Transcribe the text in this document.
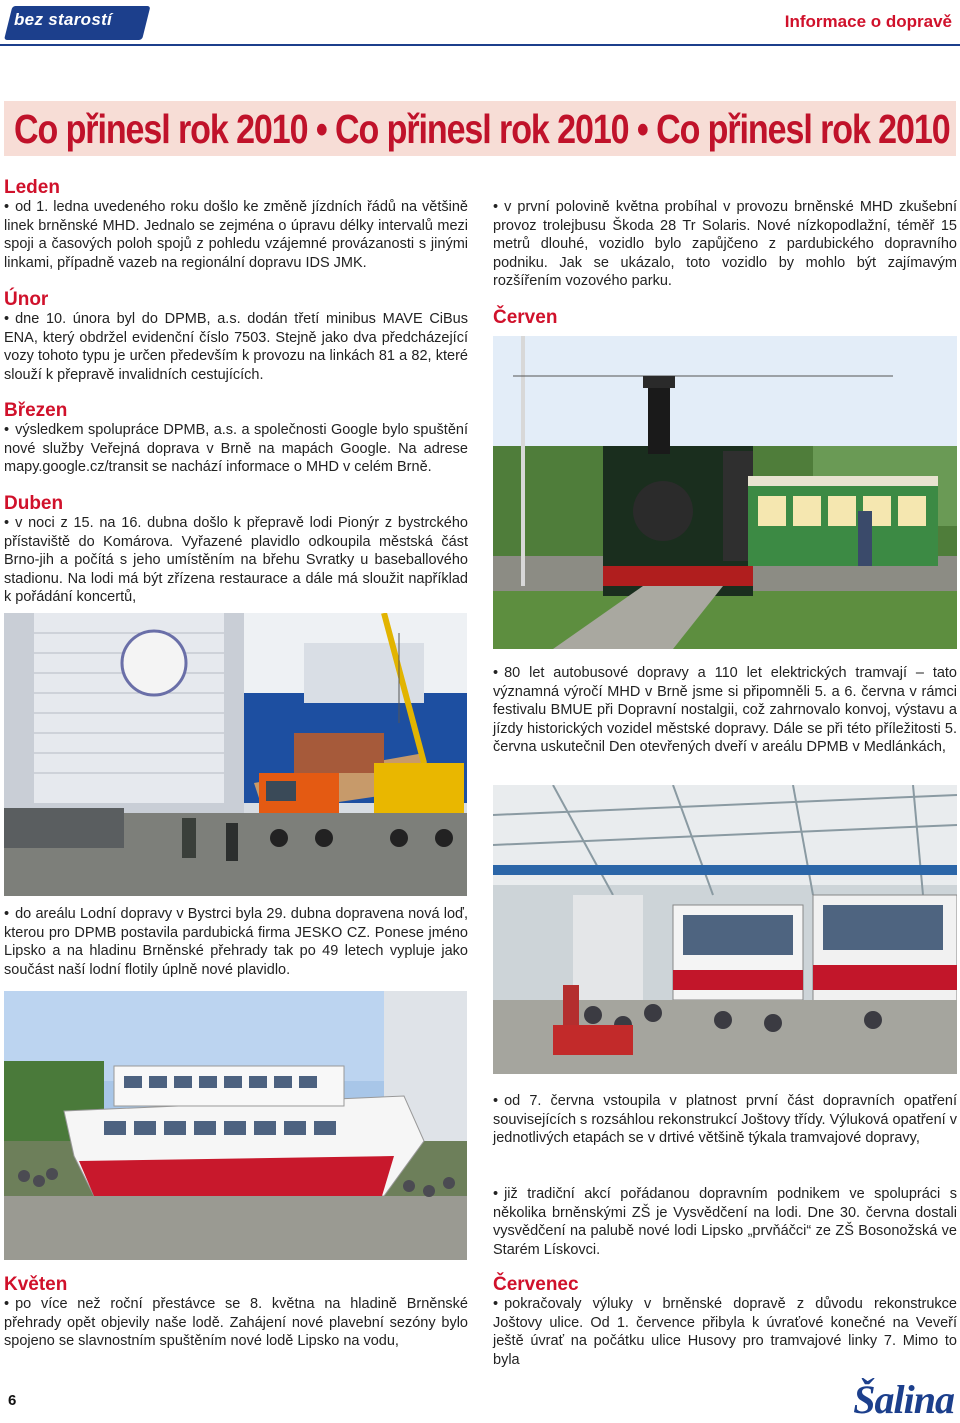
bez starostí	Informace o dopravě
Co přinesl rok 2010 • Co přinesl rok 2010 • Co přinesl rok 2010
Leden
• od 1. ledna uvedeného roku došlo ke změně jízdních řádů na většině linek brněnské MHD. Jednalo se zejména o úpravu délky intervalů mezi spoji a časových poloh spojů z pohledu vzájemné provázanosti s jinými linkami, případně vazeb na regionální dopravu IDS JMK.
Únor
• dne 10. února byl do DPMB, a.s. dodán třetí minibus MAVE CiBus ENA, který obdržel evidenční číslo 7503. Stejně jako dva předcházející vozy tohoto typu je určen především k provozu na linkách 81 a 82, které slouží k přepravě invalidních cestujících.
Březen
• výsledkem spolupráce DPMB, a.s. a společnosti Google bylo spuštění nové služby Veřejná doprava v Brně na mapách Google. Na adrese mapy.google.cz/transit se nachází informace o MHD v celém Brně.
Duben
• v noci z 15. na 16. dubna došlo k přepravě lodi Pionýr z bystrckého přístaviště do Komárova. Vyřazené plavidlo odkoupila městská část Brno-jih a počítá s jeho umístěním na břehu Svratky u baseballového stadionu. Na lodi má být zřízena restaurace a dále má sloužit například k pořádání koncertů,
• do areálu Lodní dopravy v Bystrci byla 29. dubna dopravena nová loď, kterou pro DPMB postavila pardubická firma JESKO CZ. Ponese jméno Lipsko a na hladinu Brněnské přehrady tak po 49 letech vypluje jako součást naší lodní flotily úplně nové plavidlo.
Květen
• po více než roční přestávce se 8. května na hladině Brněnské přehrady opět objevily naše lodě. Zahájení nové plavební sezóny bylo spojeno se slavnostním spuštěním nové lodě Lipsko na vodu,
• v první polovině května probíhal v provozu brněnské MHD zkušební provoz trolejbusu Škoda 28 Tr Solaris. Nové nízkopodlažní, téměř 15 metrů dlouhé, vozidlo bylo zapůjčeno z pardubického dopravního podniku. Jak se ukázalo, toto vozidlo by mohlo být zajímavým rozšířením vozového parku.
Červen
• 80 let autobusové dopravy a 110 let elektrických tramvají – tato významná výročí MHD v Brně jsme si připomněli 5. a 6. června v rámci festivalu BMUE při Dopravní nostalgii, což zahrnovalo konvoj, výstavu a jízdy historických vozidel městské dopravy. Dále se při této příležitosti 5. června uskutečnil Den otevřených dveří v areálu DPMB v Medlánkách,
• od 7. června vstoupila v platnost první část dopravních opatření souvisejících s rozsáhlou rekonstrukcí Joštovy třídy. Výluková opatření v jednotlivých etapách se v drtivé většině týkala tramvajové dopravy,
• již tradiční akcí pořádanou dopravním podnikem ve spolupráci s několika brněnskými ZŠ je Vysvědčení na lodi. Dne 30. června dostali vysvědčení na palubě nové lodi Lipsko „prvňáčci“ ze ZŠ Bosonožská ve Starém Lískovci.
Červenec
• pokračovaly výluky v brněnské dopravě z důvodu rekonstrukce Joštovy ulice. Od 1. července přibyla k úvraťové konečné na Veveří ještě úvrať na počátku ulice Husovy pro tramvajové linky 7. Mimo to byla
6	Šalina
